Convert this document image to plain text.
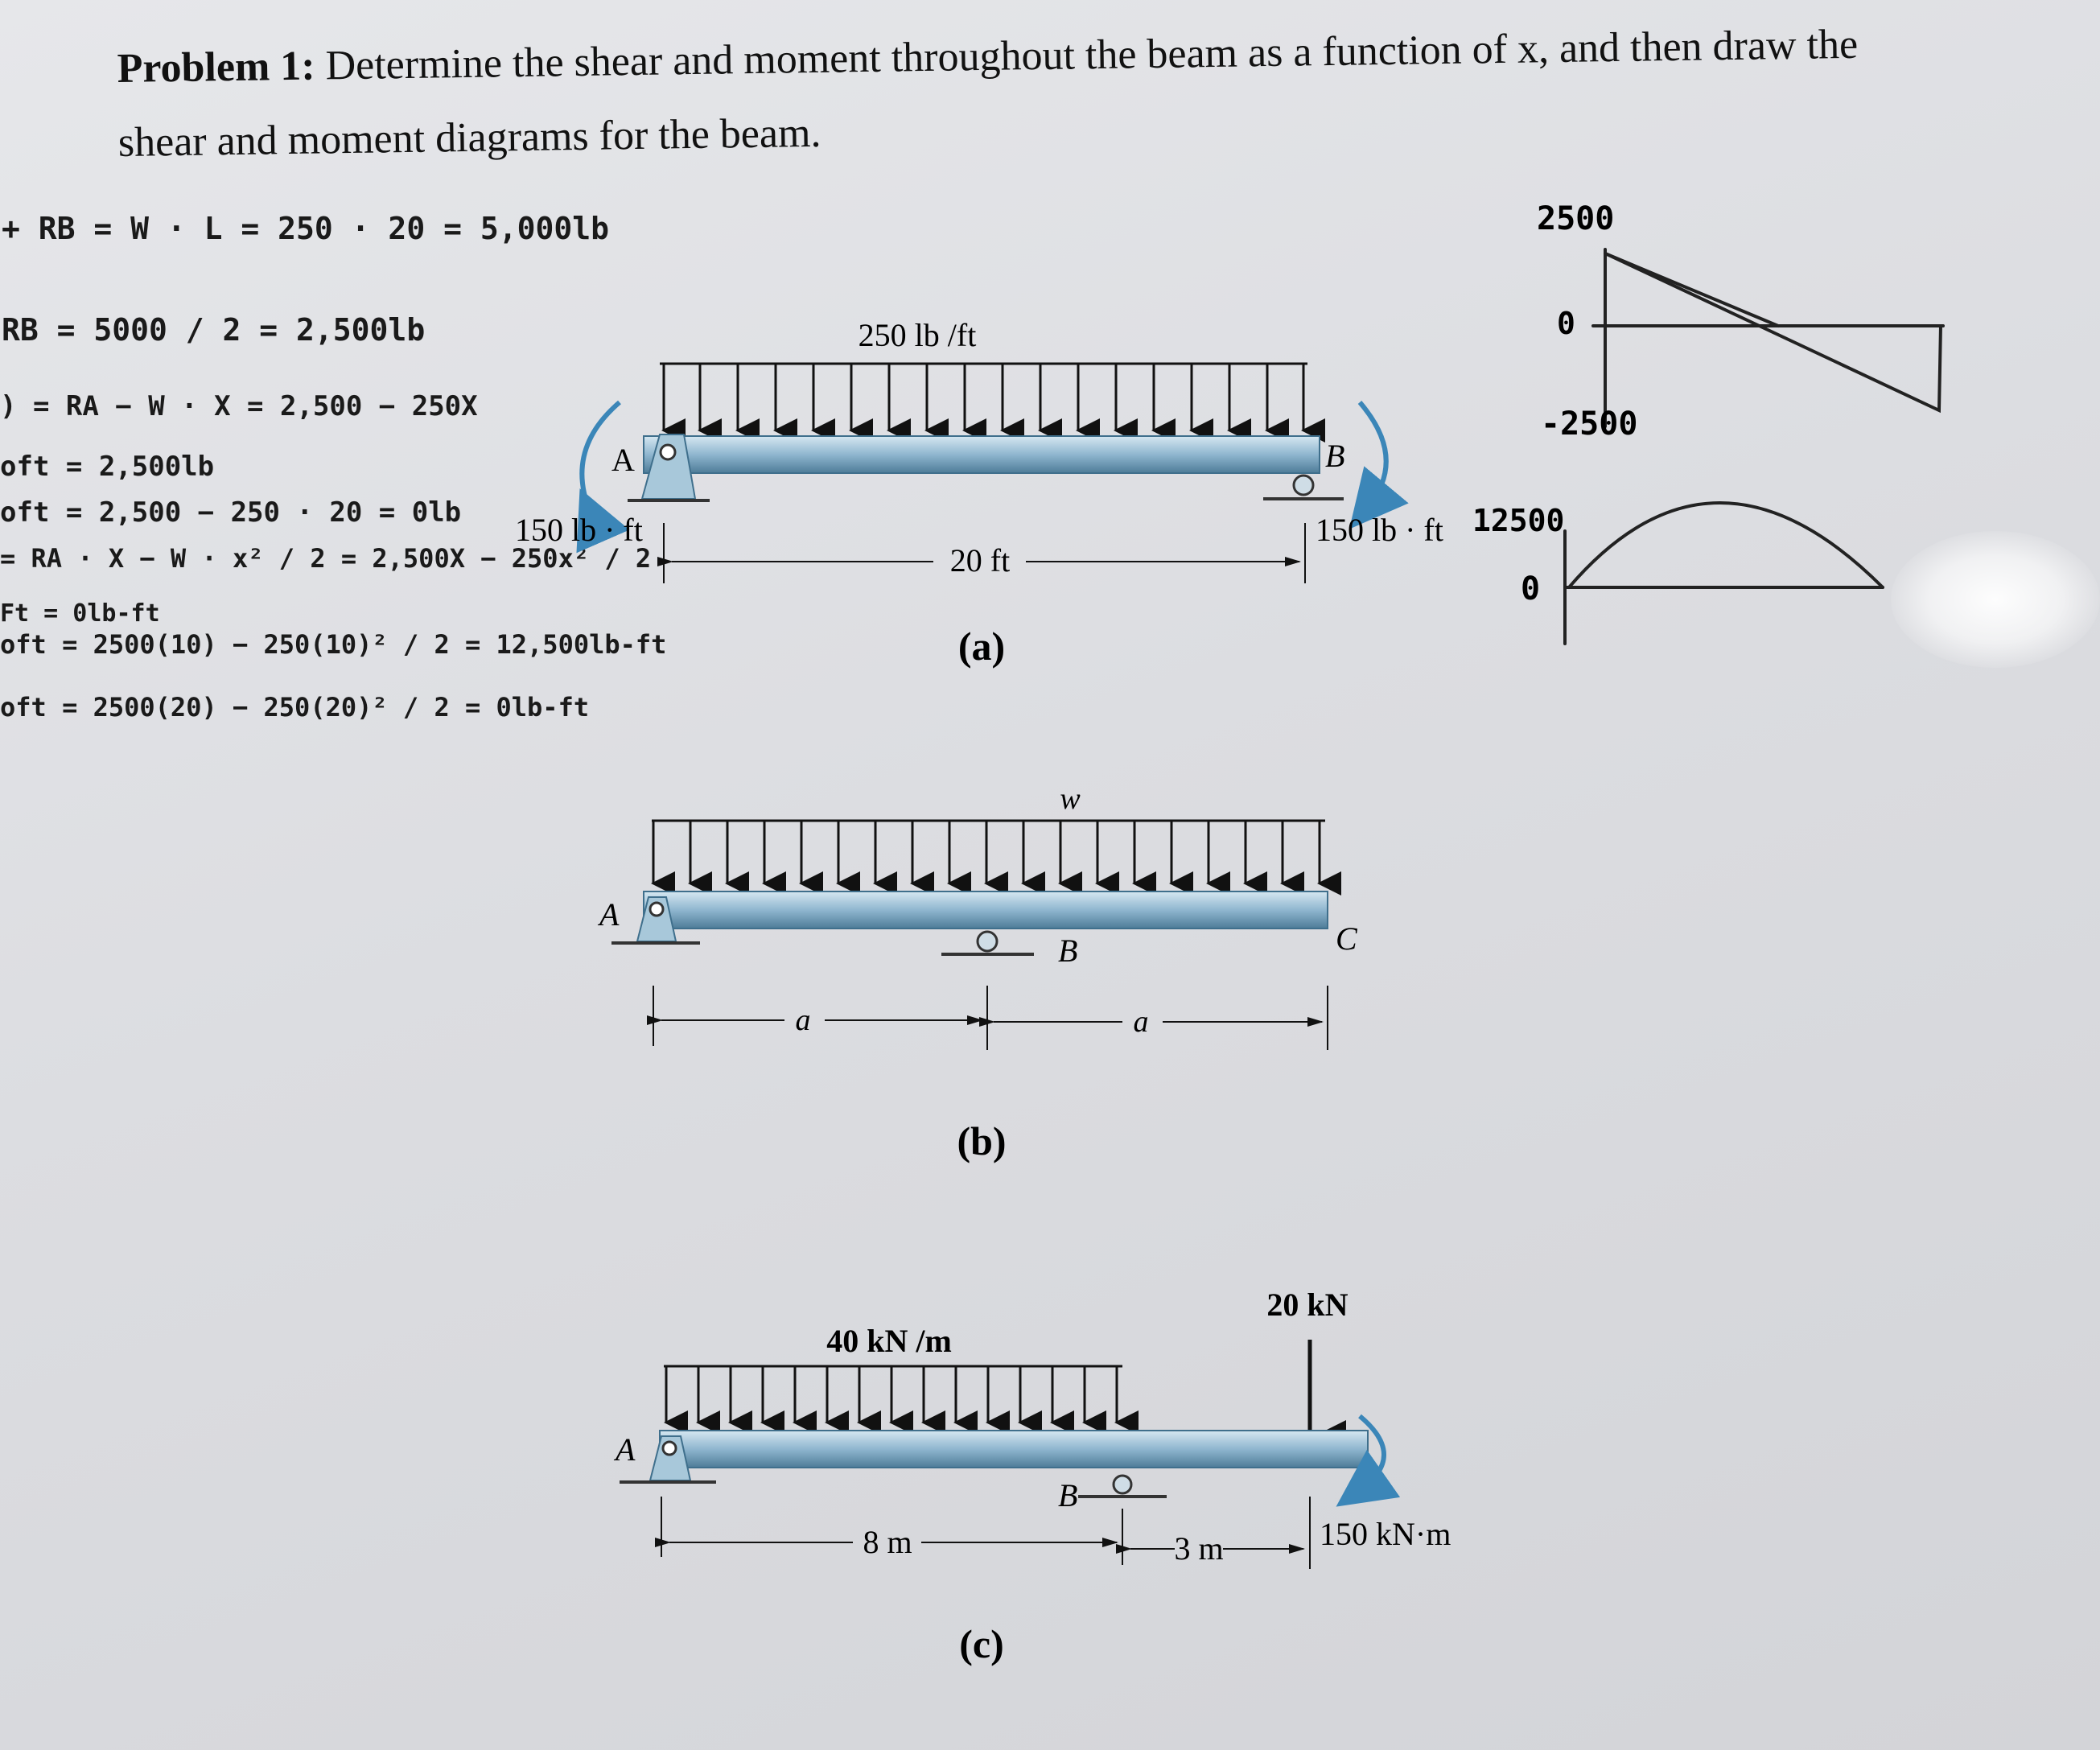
Problem 1: Determine the shear and moment throughout the beam as a function of x, and then draw the shear and moment diagrams for the beam.
+ RB = W · L = 250 · 20 = 5,000lb
RB = 5000 / 2 = 2,500lb
) = RA − W · X = 2,500 − 250X
oft = 2,500lb
oft = 2,500 − 250 · 20 = 0lb
= RA · X − W · x² / 2 = 2,500X − 250x² / 2
Ft = 0lb-ft
oft = 2500(10) − 250(10)² / 2 = 12,500lb-ft
oft = 2500(20) − 250(20)² / 2 = 0lb-ft
2500
0
-2500
12500
0
250 lb /ft
A	B
150 lb · ft	150 lb · ft
20 ft
(a)
w
A
B	C
a	a
(b)
40 kN /m
20 kN
A
B
150 kN·m
8 m	3 m
(c)
